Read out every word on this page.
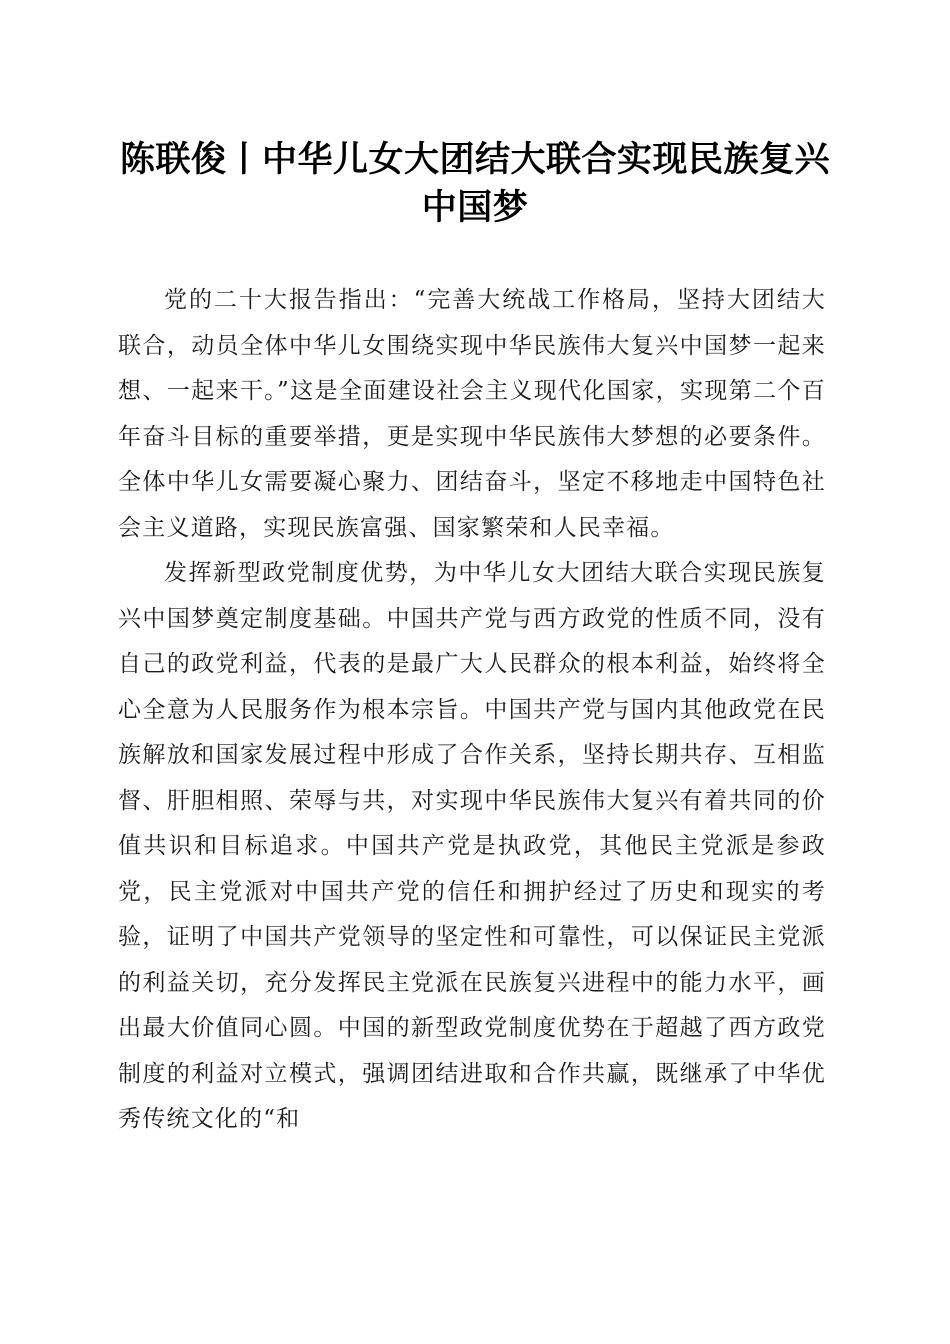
陈联俊丨中华儿女大团结大联合实现民族复兴
中国梦

党的二十大报告指出：“完善大统战工作格局，坚持大团结大联合，动员全体中华儿女围绕实现中华民族伟大复兴中国梦一起来想、一起来干。”这是全面建设社会主义现代化国家，实现第二个百年奋斗目标的重要举措，更是实现中华民族伟大梦想的必要条件。全体中华儿女需要凝心聚力、团结奋斗，坚定不移地走中国特色社会主义道路，实现民族富强、国家繁荣和人民幸福。

发挥新型政党制度优势，为中华儿女大团结大联合实现民族复兴中国梦奠定制度基础。中国共产党与西方政党的性质不同，没有自己的政党利益，代表的是最广大人民群众的根本利益，始终将全心全意为人民服务作为根本宗旨。中国共产党与国内其他政党在民族解放和国家发展过程中形成了合作关系，坚持长期共存、互相监督、肝胆相照、荣辱与共，对实现中华民族伟大复兴有着共同的价值共识和目标追求。中国共产党是执政党，其他民主党派是参政党，民主党派对中国共产党的信任和拥护经过了历史和现实的考验，证明了中国共产党领导的坚定性和可靠性，可以保证民主党派的利益关切，充分发挥民主党派在民族复兴进程中的能力水平，画出最大价值同心圆。中国的新型政党制度优势在于超越了西方政党制度的利益对立模式，强调团结进取和合作共赢，既继承了中华优秀传统文化的“和
